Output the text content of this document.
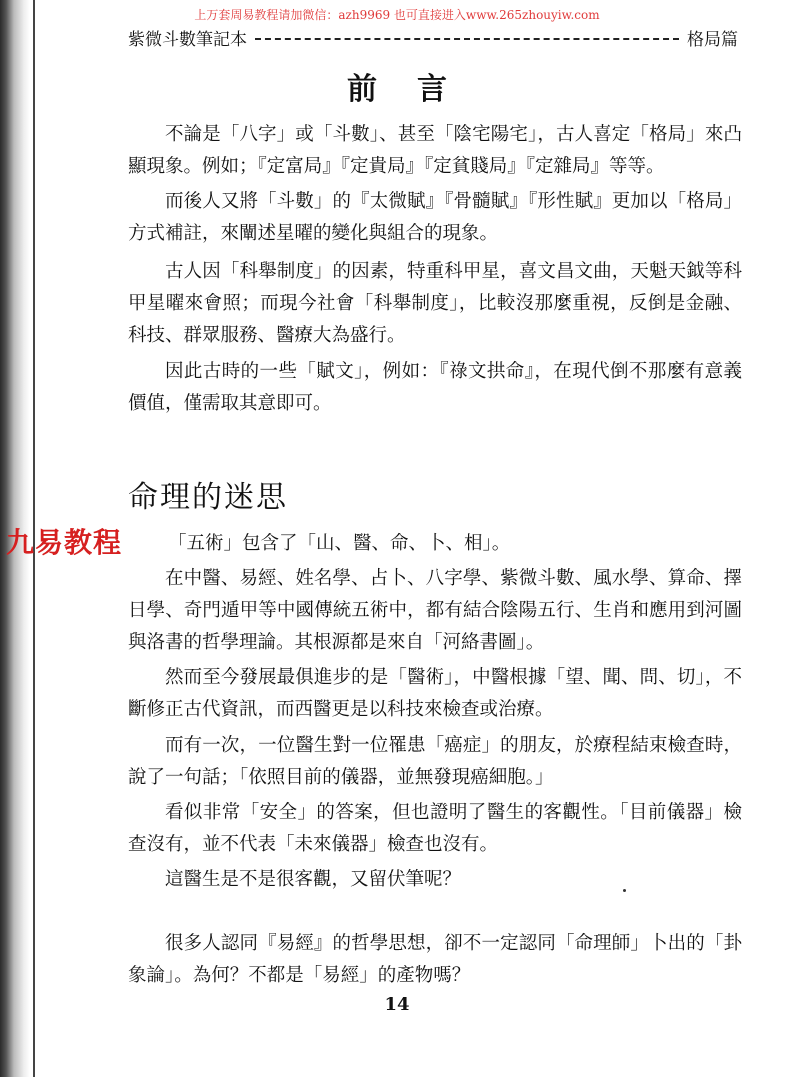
上万套周易教程请加微信：azh9969 也可直接进入www.265zhouyiw.com
紫微斗數筆記本	格局篇
前言

不論是「八字」或「斗數」、甚至「陰宅陽宅」，古人喜定「格局」來凸顯現象。例如；『定富局』『定貴局』『定貧賤局』『定雜局』等等。

而後人又將「斗數」的『太微賦』『骨髓賦』『形性賦』更加以「格局」方式補註，來闡述星曜的變化與組合的現象。

古人因「科舉制度」的因素，特重科甲星，喜文昌文曲，天魁天鉞等科甲星曜來會照；而現今社會「科舉制度」，比較沒那麼重視，反倒是金融、科技、群眾服務、醫療大為盛行。

因此古時的一些「賦文」，例如：『祿文拱命』，在現代倒不那麼有意義價值，僅需取其意即可。

命理的迷思
九易教程 「五術」包含了「山、醫、命、卜、相」。

在中醫、易經、姓名學、占卜、八字學、紫微斗數、風水學、算命、擇日學、奇門遁甲等中國傳統五術中，都有結合陰陽五行、生肖和應用到河圖與洛書的哲學理論。其根源都是來自「河絡書圖」。

然而至今發展最俱進步的是「醫術」，中醫根據「望、聞、問、切」，不斷修正古代資訊，而西醫更是以科技來檢查或治療。

而有一次，一位醫生對一位罹患「癌症」的朋友，於療程結束檢查時，說了一句話；「依照目前的儀器，並無發現癌細胞。」

看似非常「安全」的答案，但也證明了醫生的客觀性。「目前儀器」檢查沒有，並不代表「未來儀器」檢查也沒有。

這醫生是不是很客觀，又留伏筆呢？

很多人認同『易經』的哲學思想，卻不一定認同「命理師」卜出的「卦象論」。為何？不都是「易經」的產物嗎？

14
